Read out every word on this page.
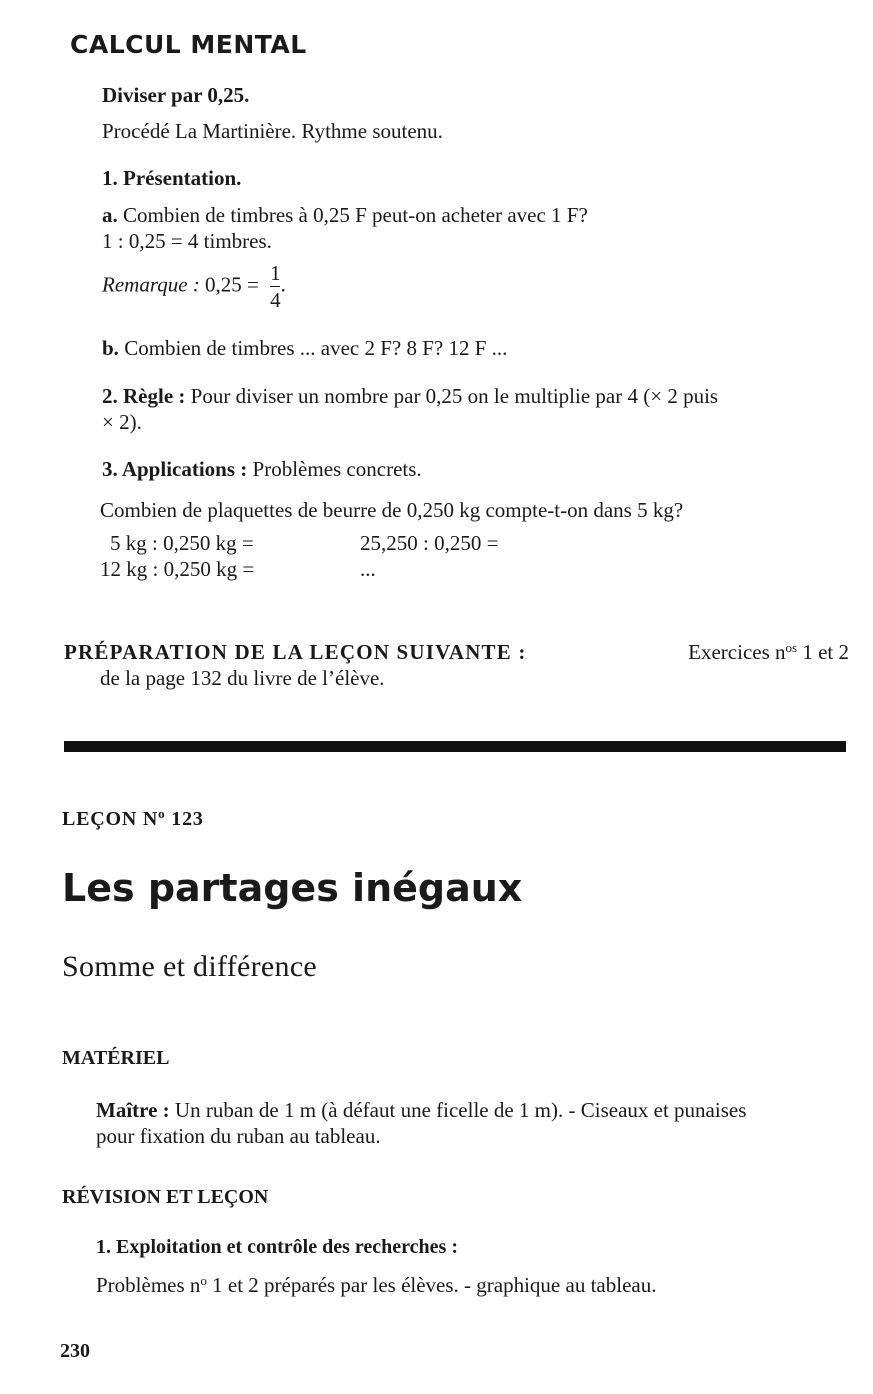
CALCUL MENTAL
Diviser par 0,25.
Procédé La Martinière. Rythme soutenu.
1. Présentation.
a. Combien de timbres à 0,25 F peut-on acheter avec 1 F?
1 : 0,25 = 4 timbres.
Remarque : $0,25 = \frac{1}{4}$ .
b. Combien de timbres ... avec 2 F? 8 F? 12 F ...
2. Règle : Pour diviser un nombre par 0,25 on le multiplie par 4 (× 2 puis
× 2).
3. Applications : Problèmes concrets.
Combien de plaquettes de beurre de 0,250 kg compte-t-on dans 5 kg?
5 kg : 0,250 kg =	25,250 : 0,250 =
12 kg : 0,250 kg =	...
PRÉPARATION DE LA LEÇON SUIVANTE :	Exercices $n^{os}$ 1 et 2
de la page 132 du livre de l’élève.
LEÇON $N^o$ 123
Les partages inégaux
Somme et différence
MATÉRIEL
Maître : Un ruban de 1 m (à défaut une ficelle de 1 m). - Ciseaux et punaises
pour fixation du ruban au tableau.
RÉVISION ET LEÇON
1. Exploitation et contrôle des recherches :
Problèmes $n^o$ 1 et 2 préparés par les élèves. - graphique au tableau.
230
